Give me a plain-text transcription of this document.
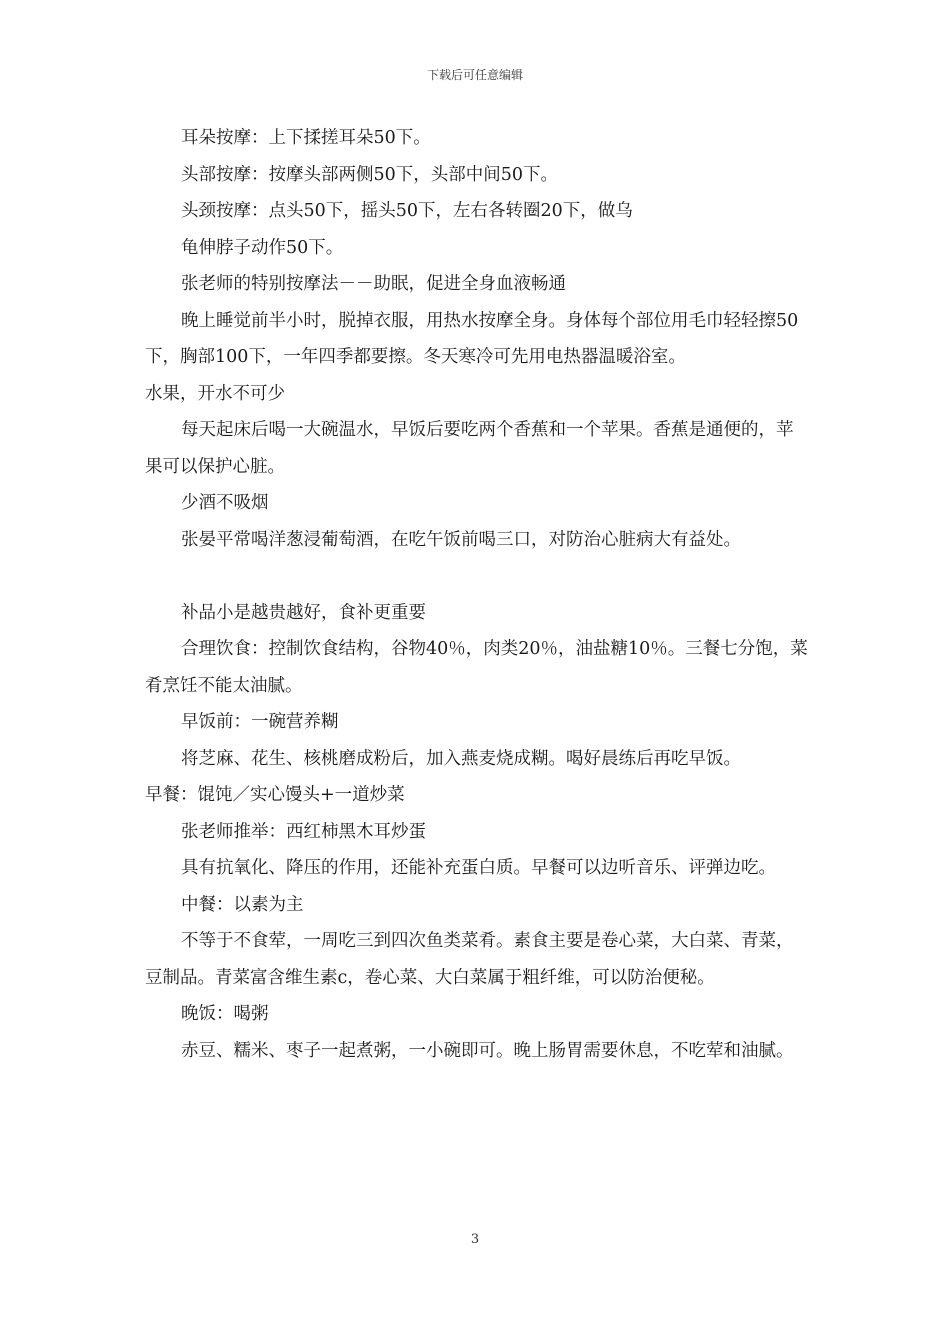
下载后可任意编辑

耳朵按摩：上下揉搓耳朵50下。

头部按摩：按摩头部两侧50下，头部中间50下。

头颈按摩：点头50下，摇头50下，左右各转圈20下，做乌

龟伸脖子动作50下。

张老师的特别按摩法－－助眠，促进全身血液畅通

晚上睡觉前半小时，脱掉衣服，用热水按摩全身。身体每个部位用毛巾轻轻擦50下，胸部100下，一年四季都要擦。冬天寒冷可先用电热器温暖浴室。

水果，开水不可少

每天起床后喝一大碗温水，早饭后要吃两个香蕉和一个苹果。香蕉是通便的，苹果可以保护心脏。

少酒不吸烟

张晏平常喝洋葱浸葡萄酒，在吃午饭前喝三口，对防治心脏病大有益处。

补品小是越贵越好，食补更重要

合理饮食：控制饮食结构，谷物40％，肉类20％，油盐糖10％。三餐七分饱，菜肴烹饪不能太油腻。

早饭前：一碗营养糊

将芝麻、花生、核桃磨成粉后，加入燕麦烧成糊。喝好晨练后再吃早饭。

早餐：馄饨／实心馒头+一道炒菜

张老师推举：西红柿黑木耳炒蛋

具有抗氧化、降压的作用，还能补充蛋白质。早餐可以边听音乐、评弹边吃。

中餐：以素为主

不等于不食荤，一周吃三到四次鱼类菜肴。素食主要是卷心菜，大白菜、青菜，豆制品。青菜富含维生素c，卷心菜、大白菜属于粗纤维，可以防治便秘。

晚饭：喝粥

赤豆、糯米、枣子一起煮粥，一小碗即可。晚上肠胃需要休息，不吃荤和油腻。

3
